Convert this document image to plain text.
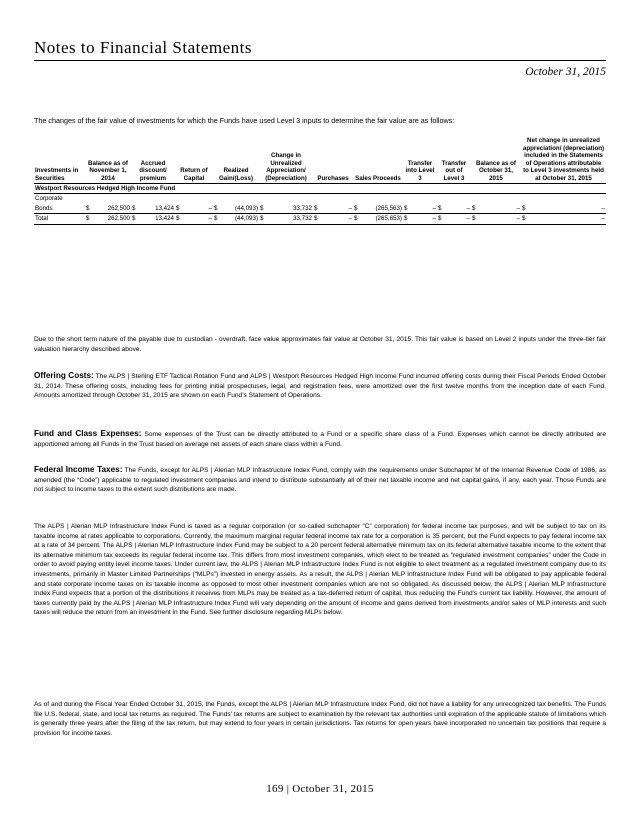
Notes to Financial Statements
October 31, 2015
The changes of the fair value of investments for which the Funds have used Level 3 inputs to determine the fair value are as follows:
Investments in Securities	Balance as of November 1, 2014	Accrued discount/ premium	Return of Capital	Realized Gain/(Loss)	Change in Unrealized Appreciation/ (Depreciation)	Purchases	Sales Proceeds	Transfer into Level 3	Transfer out of Level 3	Balance as of October 31, 2015	Net change in unrealized appreciation/ (depreciation) included in the Statements of Operations attributable to Level 3 investments held at October 31, 2015
Westport Resources Hedged High Income Fund											
Corporate											
Bonds	$ 262,500	$ 13,424	$ –	$ (44,093)	$ 33,732	$ –	$ (265,563)	$ –	$ –	$ –	$ –
Total	$ 262,500	$ 13,424	$ –	$ (44,093)	$ 33,732	$ –	$ (265,653)	$ –	$ –	$ –	$ –
Due to the short term nature of the payable due to custodian - overdraft, face value approximates fair value at October 31, 2015. This fair value is based on Level 2 inputs under the three-tier fair valuation hierarchy described above.
Offering Costs: The ALPS | Sterling ETF Tactical Rotation Fund and ALPS | Westport Resources Hedged High Income Fund incurred offering costs during their Fiscal Periods Ended October 31, 2014. These offering costs, including fees for printing initial prospectuses, legal, and registration fees, were amortized over the first twelve months from the inception date of each Fund. Amounts amortized through October 31, 2015 are shown on each Fund’s Statement of Operations.
Fund and Class Expenses: Some expenses of the Trust can be directly attributed to a Fund or a specific share class of a Fund. Expenses which cannot be directly attributed are apportioned among all Funds in the Trust based on average net assets of each share class within a Fund.
Federal Income Taxes: The Funds, except for ALPS | Alerian MLP Infrastructure Index Fund, comply with the requirements under Subchapter M of the Internal Revenue Code of 1986, as amended (the “Code”) applicable to regulated investment companies and intend to distribute substantially all of their net taxable income and net capital gains, if any, each year. Those Funds are not subject to income taxes to the extent such distributions are made.
The ALPS | Alerian MLP Infrastructure Index Fund is taxed as a regular corporation (or so-called subchapter “C” corporation) for federal income tax purposes, and will be subject to tax on its taxable income at rates applicable to corporations. Currently, the maximum marginal regular federal income tax rate for a corporation is 35 percent, but the Fund expects to pay federal income tax at a rate of 34 percent. The ALPS | Alerian MLP Infrastructure Index Fund may be subject to a 20 percent federal alternative minimum tax on its federal alternative taxable income to the extent that its alternative minimum tax exceeds its regular federal income tax. This differs from most investment companies, which elect to be treated as “regulated investment companies” under the Code in order to avoid paying entity level income taxes. Under current law, the ALPS | Alerian MLP Infrastructure Index Fund is not eligible to elect treatment as a regulated investment company due to its investments, primarily in Master Limited Partnerships (“MLPs”) invested in energy assets. As a result, the ALPS | Alerian MLP Infrastructure Index Fund will be obligated to pay applicable federal and state corporate income taxes on its taxable income as opposed to most other investment companies which are not so obligated. As discussed below, the ALPS | Alerian MLP Infrastructure Index Fund expects that a portion of the distributions it receives from MLPs may be treated as a tax-deferred return of capital, thus reducing the Fund’s current tax liability. However, the amount of taxes currently paid by the ALPS | Alerian MLP Infrastructure Index Fund will vary depending on the amount of income and gains derived from investments and/or sales of MLP interests and such taxes will reduce the return from an investment in the Fund. See further disclosure regarding MLPs below.
As of and during the Fiscal Year Ended October 31, 2015, the Funds, except the ALPS | Alerian MLP Infrastructure Index Fund, did not have a liability for any unrecognized tax benefits. The Funds file U.S. federal, state, and local tax returns as required. The Funds’ tax returns are subject to examination by the relevant tax authorities until expiration of the applicable statute of limitations which is generally three years after the filing of the tax return, but may extend to four years in certain jurisdictions. Tax returns for open years have incorporated no uncertain tax positions that require a provision for income taxes.
169 | October 31, 2015
